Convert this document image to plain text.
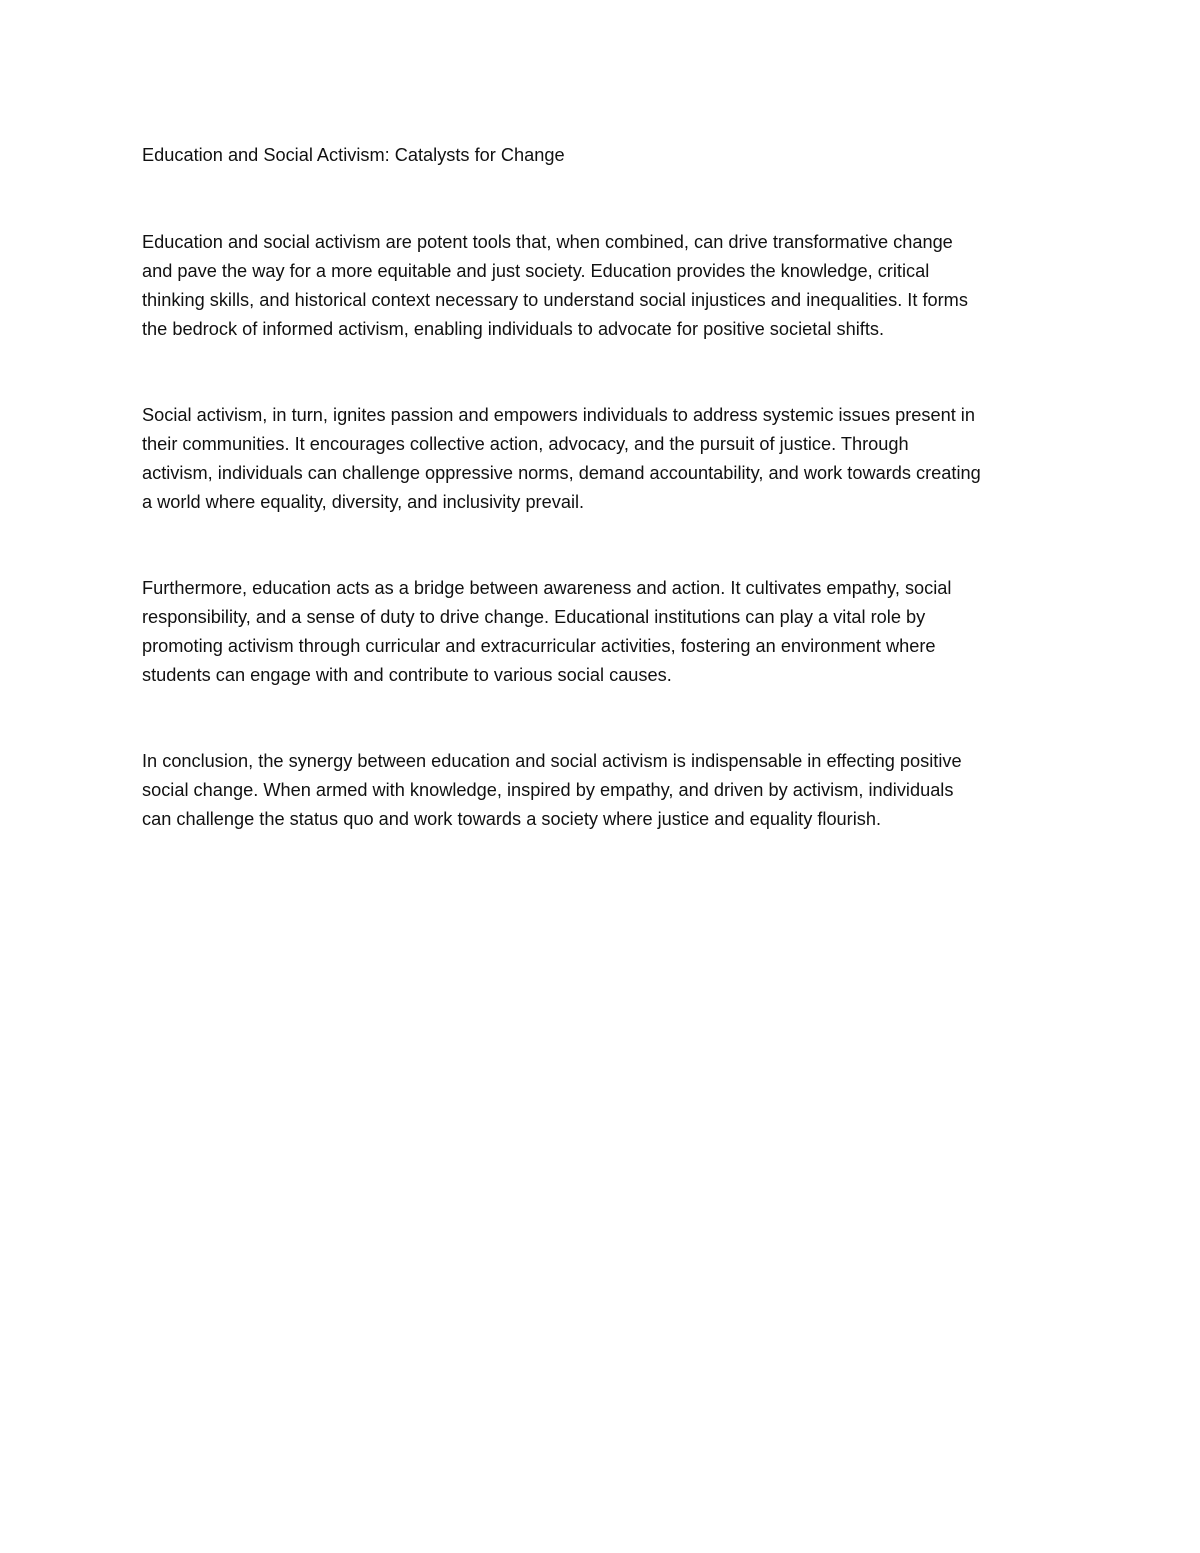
Education and Social Activism: Catalysts for Change
Education and social activism are potent tools that, when combined, can drive transformative change
and pave the way for a more equitable and just society. Education provides the knowledge, critical
thinking skills, and historical context necessary to understand social injustices and inequalities. It forms
the bedrock of informed activism, enabling individuals to advocate for positive societal shifts.
Social activism, in turn, ignites passion and empowers individuals to address systemic issues present in
their communities. It encourages collective action, advocacy, and the pursuit of justice. Through
activism, individuals can challenge oppressive norms, demand accountability, and work towards creating
a world where equality, diversity, and inclusivity prevail.
Furthermore, education acts as a bridge between awareness and action. It cultivates empathy, social
responsibility, and a sense of duty to drive change. Educational institutions can play a vital role by
promoting activism through curricular and extracurricular activities, fostering an environment where
students can engage with and contribute to various social causes.
In conclusion, the synergy between education and social activism is indispensable in effecting positive
social change. When armed with knowledge, inspired by empathy, and driven by activism, individuals
can challenge the status quo and work towards a society where justice and equality flourish.
